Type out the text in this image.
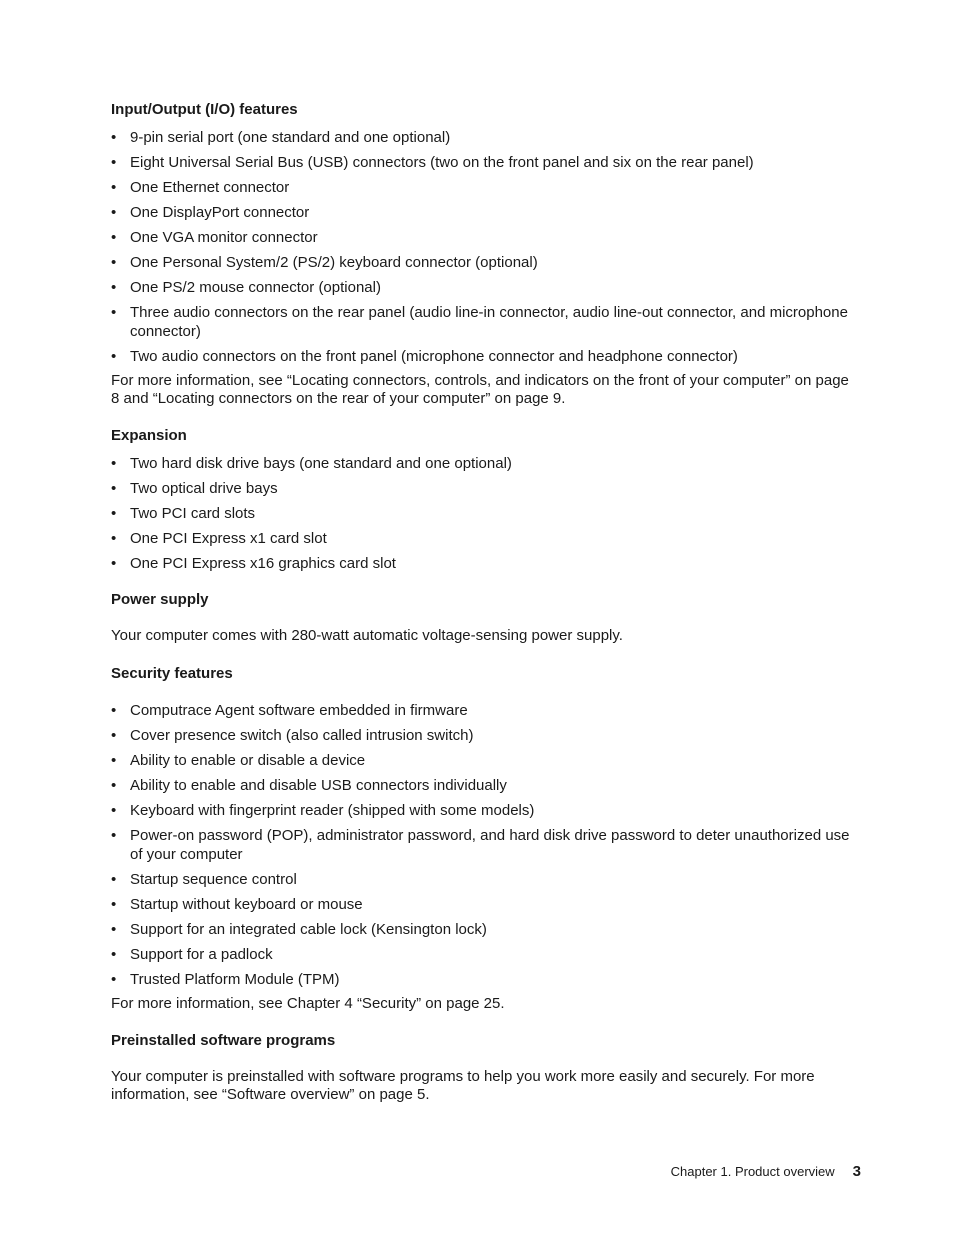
Input/Output (I/O) features
• 9-pin serial port (one standard and one optional)
• Eight Universal Serial Bus (USB) connectors (two on the front panel and six on the rear panel)
• One Ethernet connector
• One DisplayPort connector
• One VGA monitor connector
• One Personal System/2 (PS/2) keyboard connector (optional)
• One PS/2 mouse connector (optional)
• Three audio connectors on the rear panel (audio line-in connector, audio line-out connector, and microphone connector)
• Two audio connectors on the front panel (microphone connector and headphone connector)

For more information, see “Locating connectors, controls, and indicators on the front of your computer” on page 8 and “Locating connectors on the rear of your computer” on page 9.

Expansion
• Two hard disk drive bays (one standard and one optional)
• Two optical drive bays
• Two PCI card slots
• One PCI Express x1 card slot
• One PCI Express x16 graphics card slot
Power supply

Your computer comes with 280-watt automatic voltage-sensing power supply.

Security features
• Computrace Agent software embedded in firmware
• Cover presence switch (also called intrusion switch)
• Ability to enable or disable a device
• Ability to enable and disable USB connectors individually
• Keyboard with fingerprint reader (shipped with some models)
• Power-on password (POP), administrator password, and hard disk drive password to deter unauthorized use of your computer
• Startup sequence control
• Startup without keyboard or mouse
• Support for an integrated cable lock (Kensington lock)
• Support for a padlock
• Trusted Platform Module (TPM)

For more information, see Chapter 4 “Security” on page 25.

Preinstalled software programs

Your computer is preinstalled with software programs to help you work more easily and securely. For more information, see “Software overview” on page 5.

Chapter 1. Product overview 3
